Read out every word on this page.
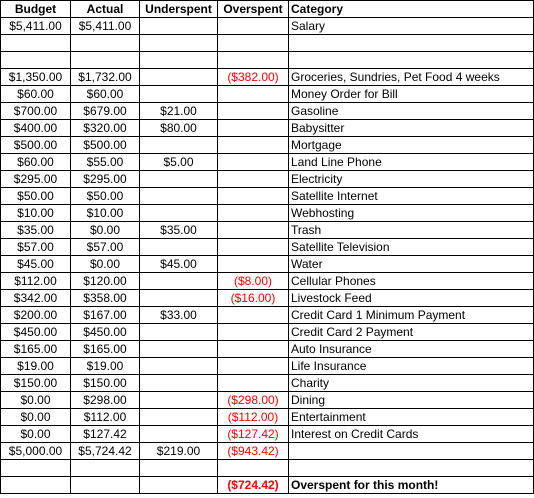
Budget	Actual	Underspent	Overspent	Category
$5,411.00	$5,411.00			Salary

$1,350.00	$1,732.00		($382.00)	Groceries, Sundries, Pet Food 4 weeks
$60.00	$60.00			Money Order for Bill
$700.00	$679.00	$21.00		Gasoline
$400.00	$320.00	$80.00		Babysitter
$500.00	$500.00			Mortgage
$60.00	$55.00	$5.00		Land Line Phone
$295.00	$295.00			Electricity
$50.00	$50.00			Satellite Internet
$10.00	$10.00			Webhosting
$35.00	$0.00	$35.00		Trash
$57.00	$57.00			Satellite Television
$45.00	$0.00	$45.00		Water
$112.00	$120.00		($8.00)	Cellular Phones
$342.00	$358.00		($16.00)	Livestock Feed
$200.00	$167.00	$33.00		Credit Card 1 Minimum Payment
$450.00	$450.00			Credit Card 2 Payment
$165.00	$165.00			Auto Insurance
$19.00	$19.00			Life Insurance
$150.00	$150.00			Charity
$0.00	$298.00		($298.00)	Dining
$0.00	$112.00		($112.00)	Entertainment
$0.00	$127.42		($127.42)	Interest on Credit Cards
$5,000.00	$5,724.42	$219.00	($943.42)	

			($724.42)	Overspent for this month!
